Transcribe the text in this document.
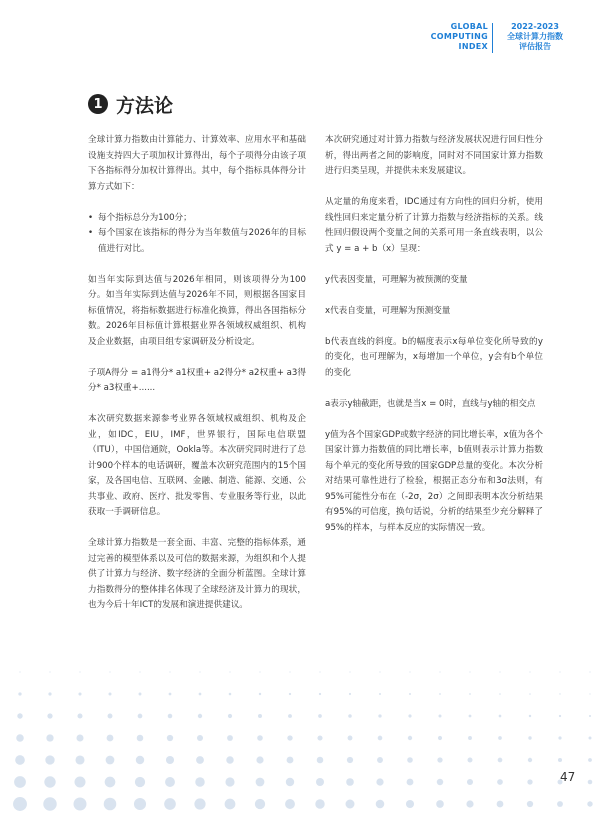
GLOBAL
COMPUTING
INDEX
2022-2023
全球计算力指数
评估报告
1 方法论

全球计算力指数由计算能力、计算效率、应用水平和基础设施支持四大子项加权计算得出，每个子项得分由该子项下各指标得分加权计算得出。其中，每个指标具体得分计算方式如下：

• 每个指标总分为100分；
• 每个国家在该指标的得分为当年数值与2026年的目标值进行对比。

如当年实际到达值与2026年相同，则该项得分为100分。如当年实际到达值与2026年不同，则根据各国家目标值情况，将指标数据进行标准化换算，得出各国指标分数。2026年目标值计算根据业界各领域权威组织、机构及企业数据，由项目组专家调研及分析设定。

子项A得分 = a1得分* a1权重+ a2得分* a2权重+ a3得分* a3权重+......

本次研究数据来源参考业界各领域权威组织、机构及企业，如IDC，EIU，IMF，世界银行，国际电信联盟（ITU），中国信通院，Ookla等。本次研究同时进行了总计900个样本的电话调研，覆盖本次研究范围内的15个国家，及各国电信、互联网、金融、制造、能源、交通、公共事业、政府、医疗、批发零售、专业服务等行业，以此获取一手调研信息。

全球计算力指数是一套全面、丰富、完整的指标体系，通过完善的模型体系以及可信的数据来源，为组织和个人提供了计算力与经济、数字经济的全面分析蓝图。全球计算力指数得分的整体排名体现了全球经济及计算力的现状，也为今后十年ICT的发展和演进提供建议。

本次研究通过对计算力指数与经济发展状况进行回归性分析，得出两者之间的影响度，同时对不同国家计算力指数进行归类呈现，并提供未来发展建议。

从定量的角度来看，IDC通过有方向性的回归分析，使用线性回归来定量分析了计算力指数与经济指标的关系。线性回归假设两个变量之间的关系可用一条直线表明，以公式 y = a + b（x）呈现：

y代表因变量，可理解为被预测的变量

x代表自变量，可理解为预测变量

b代表直线的斜度。b的幅度表示x每单位变化所导致的y的变化，也可理解为，x每增加一个单位，y会有b个单位的变化

a表示y轴截距，也就是当x = 0时，直线与y轴的相交点

y值为各个国家GDP或数字经济的同比增长率，x值为各个国家计算力指数值的同比增长率，b值则表示计算力指数每个单元的变化所导致的国家GDP总量的变化。本次分析对结果可靠性进行了检验，根据正态分布和3σ法则，有95%可能性分布在（-2σ，2σ）之间即表明本次分析结果有95%的可信度，换句话说，分析的结果至少充分解释了95%的样本，与样本反应的实际情况一致。

47
